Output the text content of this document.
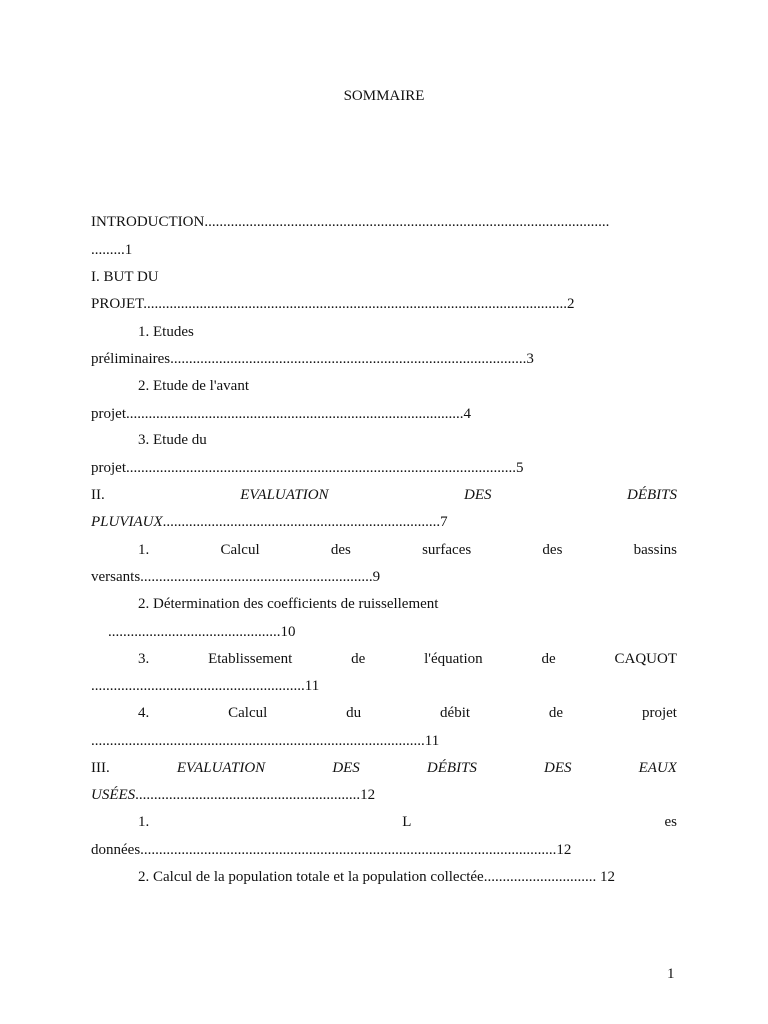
SOMMAIRE
INTRODUCTION............................................................................................................
.........1
I. BUT DU
PROJET.................................................................................................................2
1. Etudes
préliminaires...............................................................................................3
2. Etude de l'avant
projet..........................................................................................4
3. Etude du
projet........................................................................................................5
II.	EVALUATION	DES	DÉBITS
PLUVIAUX..........................................................................7
1.	Calcul	des	surfaces	des	bassins
versants..............................................................9
2. Détermination des coefficients de ruissellement
..............................................10
3.	Etablissement	de	l'équation	de	CAQUOT
.........................................................11
4.	Calcul	du	débit	de	projet
.........................................................................................11
III.	EVALUATION	DES	DÉBITS	DES	EAUX
USÉES............................................................12
1.	L	es
données...............................................................................................................12
2. Calcul de la population totale et la population collectée.............................. 12
1
